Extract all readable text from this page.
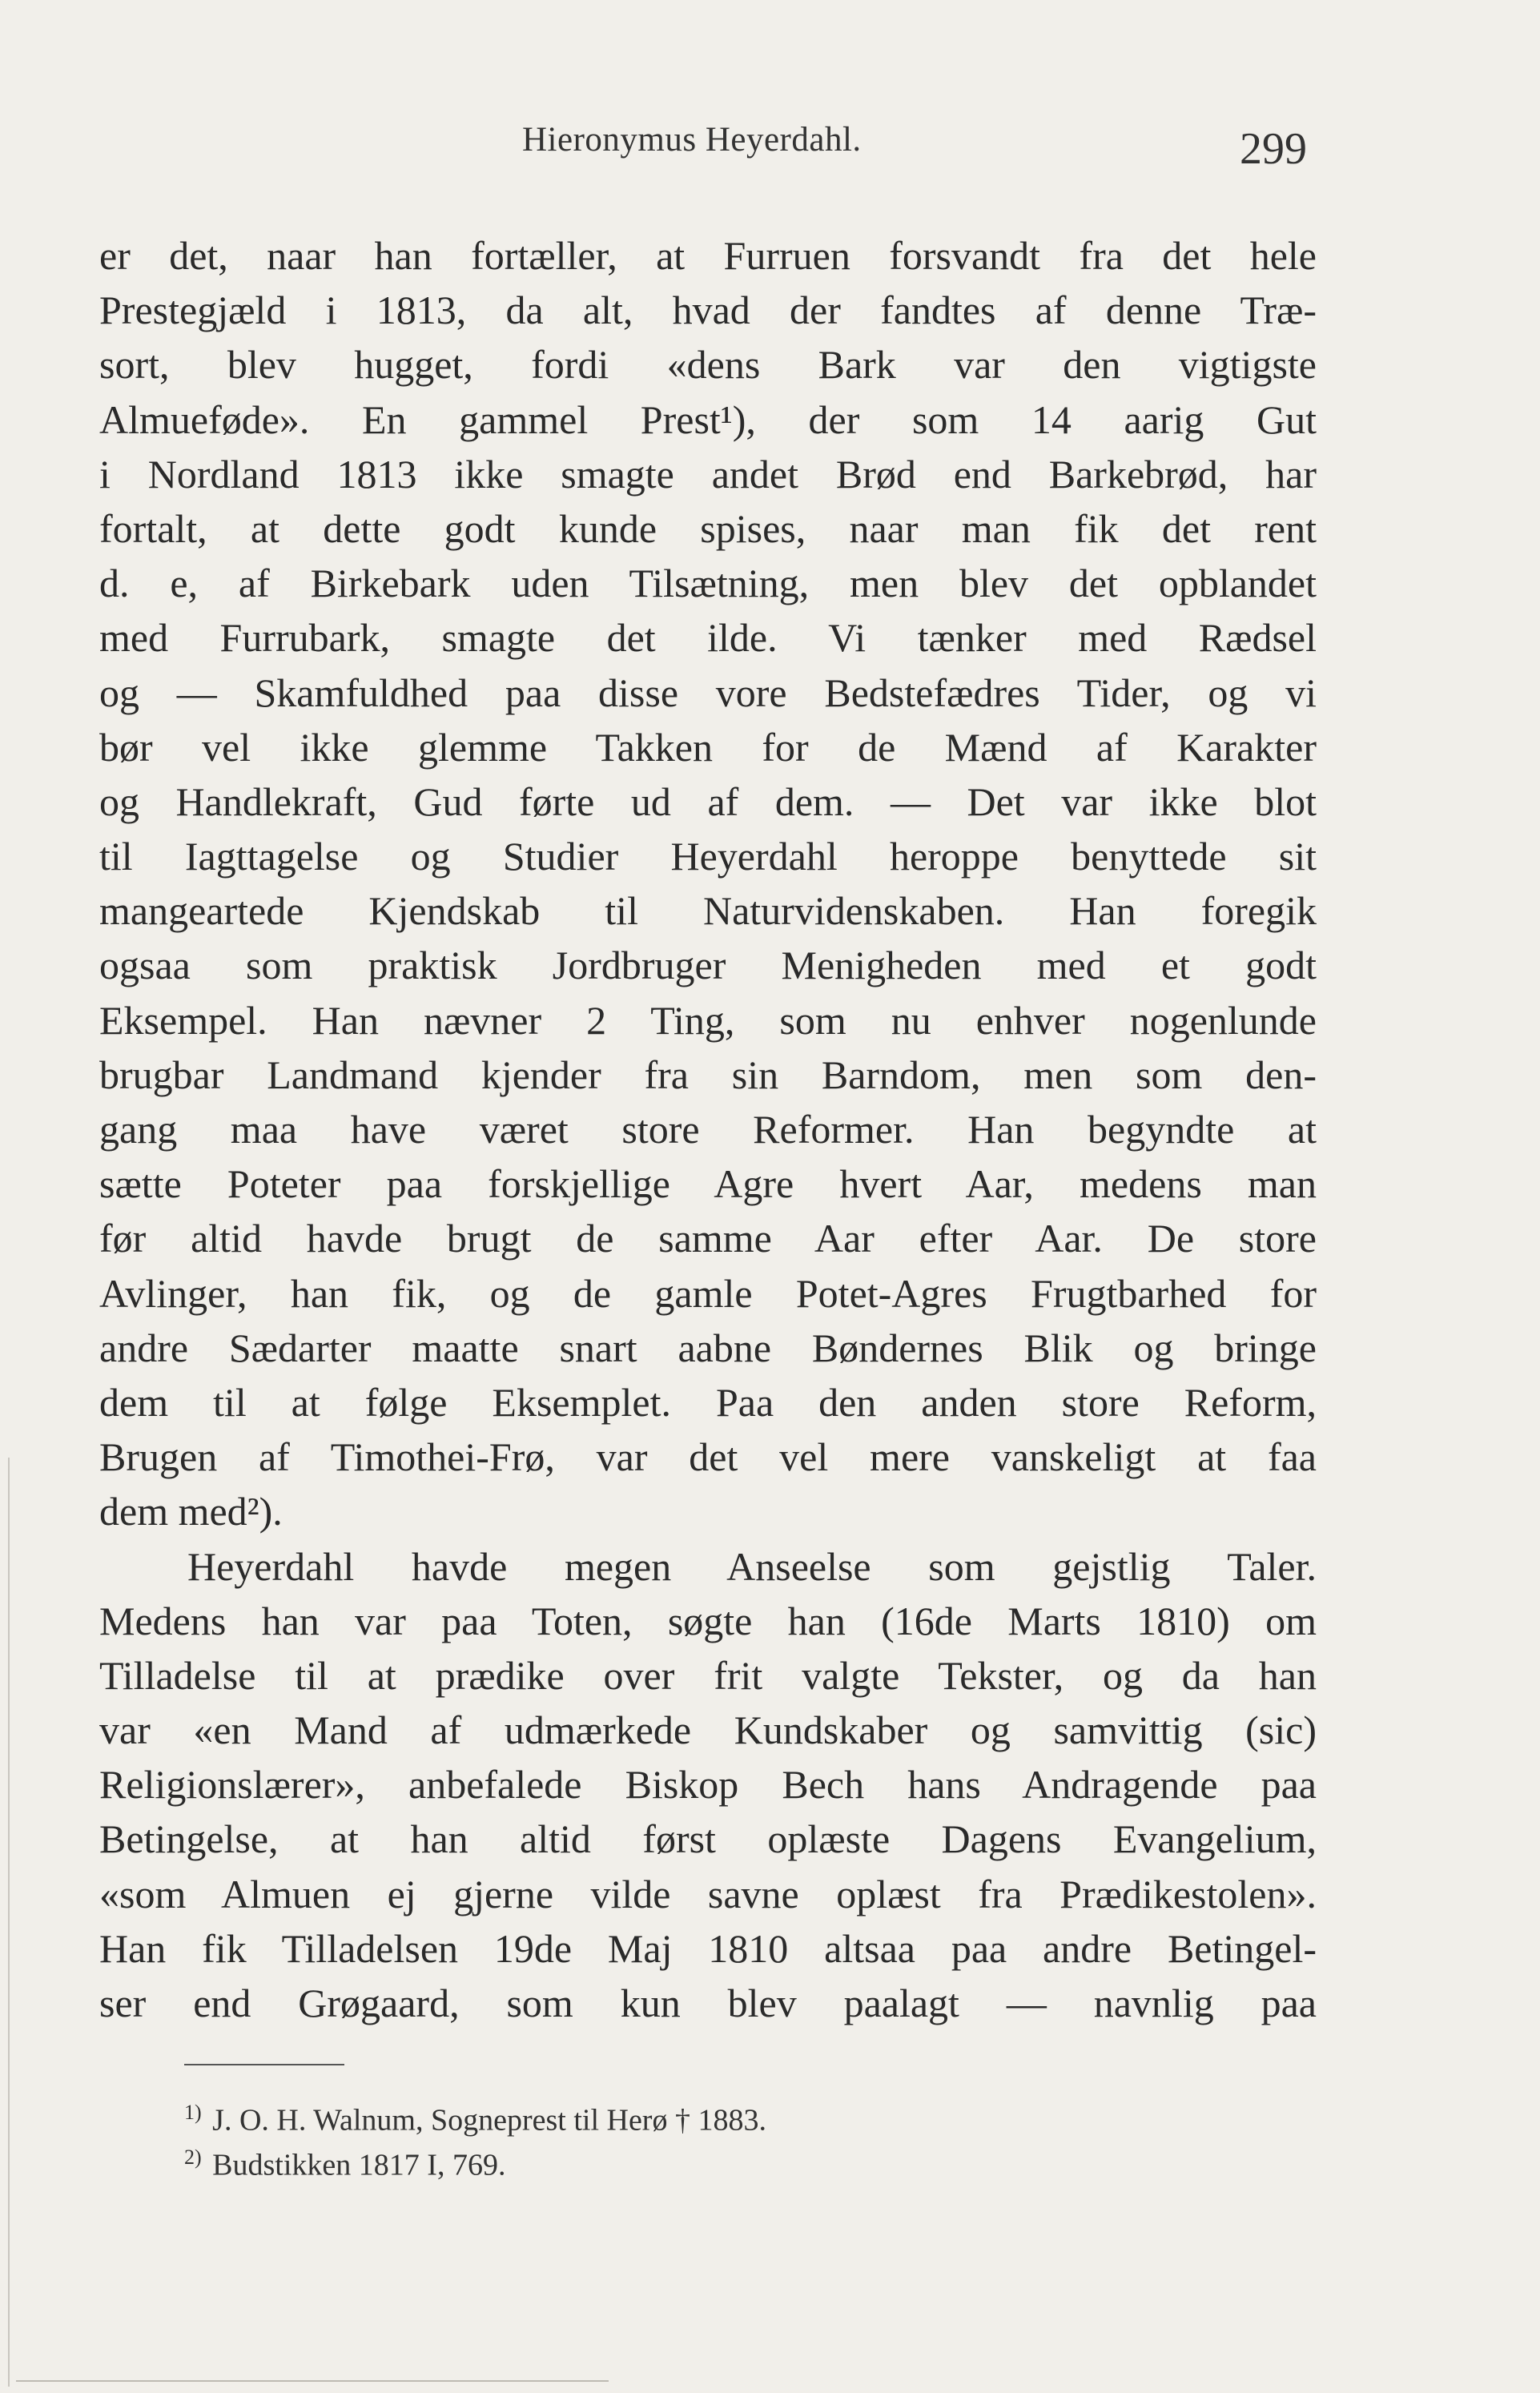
Hieronymus Heyerdahl.	299
er det, naar han fortæller, at Furruen forsvandt fra det hele
Prestegjæld i 1813, da alt, hvad der fandtes af denne Træ-
sort, blev hugget, fordi «dens Bark var den vigtigste
Almueføde». En gammel Prest¹), der som 14 aarig Gut
i Nordland 1813 ikke smagte andet Brød end Barkebrød, har
fortalt, at dette godt kunde spises, naar man fik det rent
d. e, af Birkebark uden Tilsætning, men blev det opblandet
med Furrubark, smagte det ilde. Vi tænker med Rædsel
og — Skamfuldhed paa disse vore Bedstefædres Tider, og vi
bør vel ikke glemme Takken for de Mænd af Karakter
og Handlekraft, Gud førte ud af dem. — Det var ikke blot
til Iagttagelse og Studier Heyerdahl heroppe benyttede sit
mangeartede Kjendskab til Naturvidenskaben. Han foregik
ogsaa som praktisk Jordbruger Menigheden med et godt
Eksempel. Han nævner 2 Ting, som nu enhver nogenlunde
brugbar Landmand kjender fra sin Barndom, men som den-
gang maa have været store Reformer. Han begyndte at
sætte Poteter paa forskjellige Agre hvert Aar, medens man
før altid havde brugt de samme Aar efter Aar. De store
Avlinger, han fik, og de gamle Potet-Agres Frugtbarhed for
andre Sædarter maatte snart aabne Bøndernes Blik og bringe
dem til at følge Eksemplet. Paa den anden store Reform,
Brugen af Timothei-Frø, var det vel mere vanskeligt at faa
dem med²).
Heyerdahl havde megen Anseelse som gejstlig Taler.
Medens han var paa Toten, søgte han (16de Marts 1810) om
Tilladelse til at prædike over frit valgte Tekster, og da han
var «en Mand af udmærkede Kundskaber og samvittig (sic)
Religionslærer», anbefalede Biskop Bech hans Andragende paa
Betingelse, at han altid først oplæste Dagens Evangelium,
«som Almuen ej gjerne vilde savne oplæst fra Prædikestolen».
Han fik Tilladelsen 19de Maj 1810 altsaa paa andre Betingel-
ser end Grøgaard, som kun blev paalagt — navnlig paa
$^{1)}$ J. O. H. Walnum, Sogneprest til Herø † 1883.
$^{2)}$ Budstikken 1817 I, 769.
